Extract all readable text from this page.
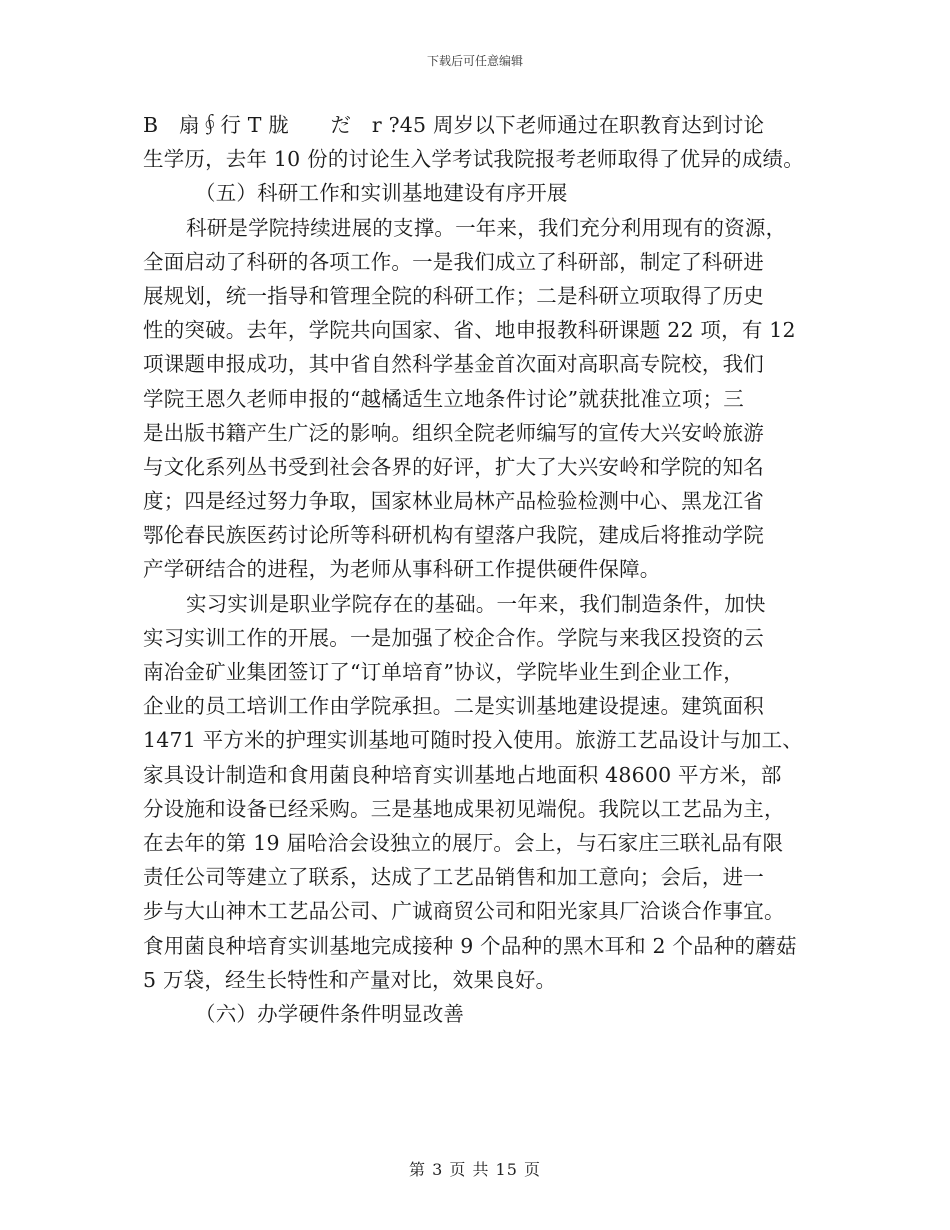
下载后可任意编辑
B　扇∮行 T 胧　　だ　r ?45 周岁以下老师通过在职教育达到讨论
生学历，去年 10 份的讨论生入学考试我院报考老师取得了优异的成绩。
（五）科研工作和实训基地建设有序开展
科研是学院持续进展的支撑。一年来，我们充分利用现有的资源，
全面启动了科研的各项工作。一是我们成立了科研部，制定了科研进
展规划，统一指导和管理全院的科研工作；二是科研立项取得了历史
性的突破。去年，学院共向国家、省、地申报教科研课题 22 项，有 12
项课题申报成功，其中省自然科学基金首次面对高职高专院校，我们
学院王恩久老师申报的“越橘适生立地条件讨论”就获批准立项；三
是出版书籍产生广泛的影响。组织全院老师编写的宣传大兴安岭旅游
与文化系列丛书受到社会各界的好评，扩大了大兴安岭和学院的知名
度；四是经过努力争取，国家林业局林产品检验检测中心、黑龙江省
鄂伦春民族医药讨论所等科研机构有望落户我院，建成后将推动学院
产学研结合的进程，为老师从事科研工作提供硬件保障。
实习实训是职业学院存在的基础。一年来，我们制造条件，加快
实习实训工作的开展。一是加强了校企合作。学院与来我区投资的云
南冶金矿业集团签订了“订单培育”协议，学院毕业生到企业工作，
企业的员工培训工作由学院承担。二是实训基地建设提速。建筑面积
1471 平方米的护理实训基地可随时投入使用。旅游工艺品设计与加工、
家具设计制造和食用菌良种培育实训基地占地面积 48600 平方米，部
分设施和设备已经采购。三是基地成果初见端倪。我院以工艺品为主，
在去年的第 19 届哈洽会设独立的展厅。会上，与石家庄三联礼品有限
责任公司等建立了联系，达成了工艺品销售和加工意向；会后，进一
步与大山神木工艺品公司、广诚商贸公司和阳光家具厂洽谈合作事宜。
食用菌良种培育实训基地完成接种 9 个品种的黑木耳和 2 个品种的蘑菇
5 万袋，经生长特性和产量对比，效果良好。
（六）办学硬件条件明显改善
第 3 页 共 15 页
